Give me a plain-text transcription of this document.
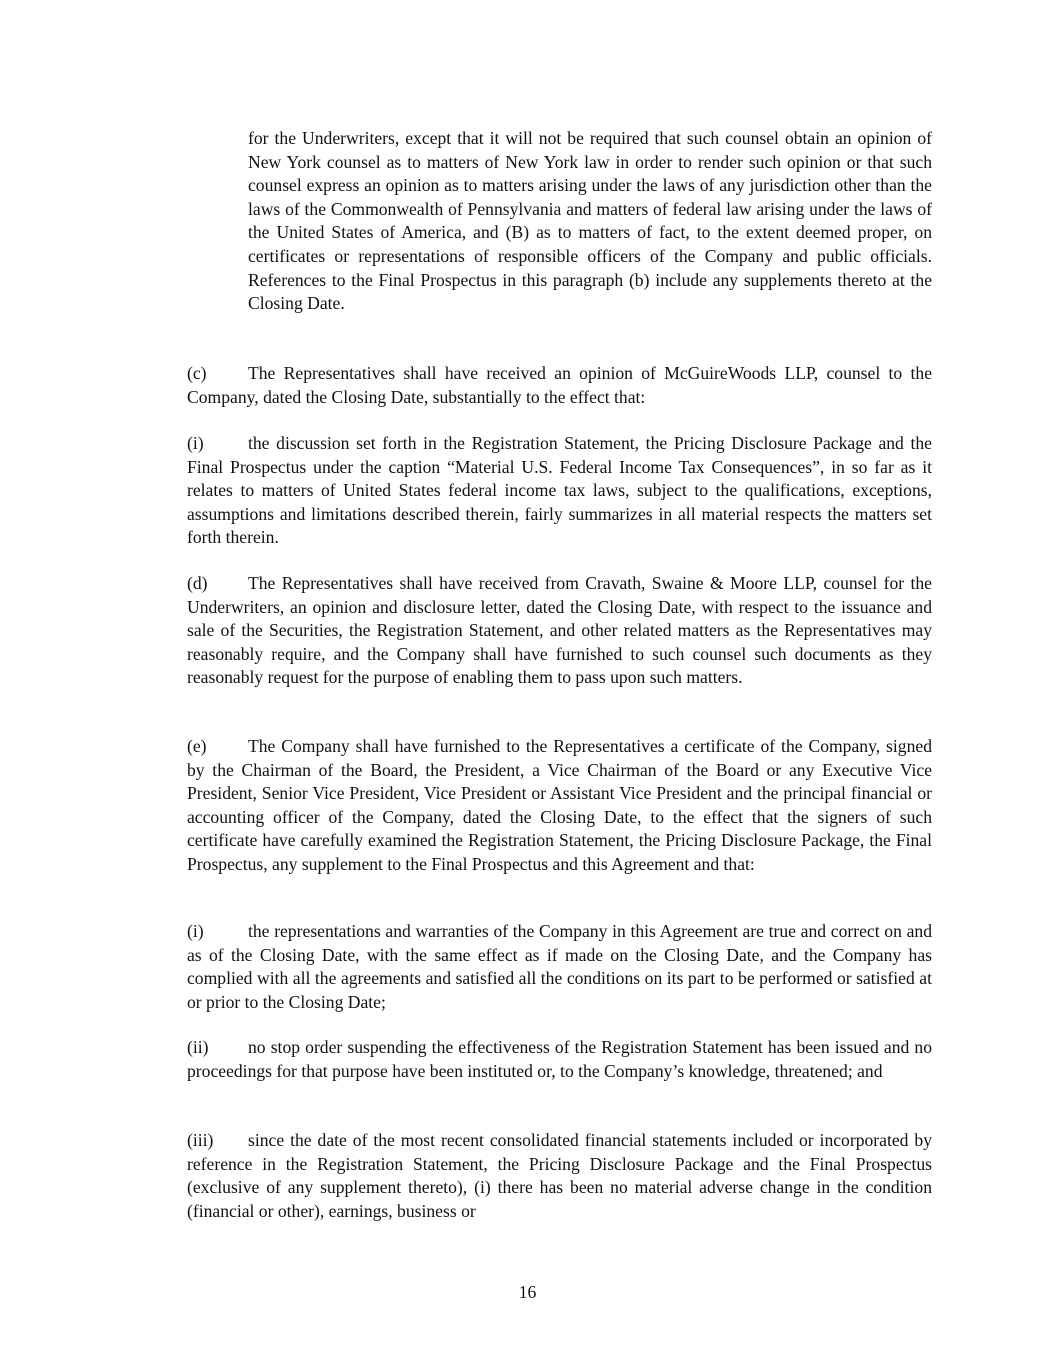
for the Underwriters, except that it will not be required that such counsel obtain an opinion of New York counsel as to matters of New York law in order to render such opinion or that such counsel express an opinion as to matters arising under the laws of any jurisdiction other than the laws of the Commonwealth of Pennsylvania and matters of federal law arising under the laws of the United States of America, and (B) as to matters of fact, to the extent deemed proper, on certificates or representations of responsible officers of the Company and public officials. References to the Final Prospectus in this paragraph (b) include any supplements thereto at the Closing Date.

(c) The Representatives shall have received an opinion of McGuireWoods LLP, counsel to the Company, dated the Closing Date, substantially to the effect that:

(i)	the discussion set forth in the Registration Statement, the Pricing Disclosure Package and the Final Prospectus under the caption “Material U.S. Federal Income Tax Consequences”, in so far as it relates to matters of United States federal income tax laws, subject to the qualifications, exceptions, assumptions and limitations described therein, fairly summarizes in all material respects the matters set forth therein.

(d) The Representatives shall have received from Cravath, Swaine & Moore LLP, counsel for the Underwriters, an opinion and disclosure letter, dated the Closing Date, with respect to the issuance and sale of the Securities, the Registration Statement, and other related matters as the Representatives may reasonably require, and the Company shall have furnished to such counsel such documents as they reasonably request for the purpose of enabling them to pass upon such matters.

(e) The Company shall have furnished to the Representatives a certificate of the Company, signed by the Chairman of the Board, the President, a Vice Chairman of the Board or any Executive Vice President, Senior Vice President, Vice President or Assistant Vice President and the principal financial or accounting officer of the Company, dated the Closing Date, to the effect that the signers of such certificate have carefully examined the Registration Statement, the Pricing Disclosure Package, the Final Prospectus, any supplement to the Final Prospectus and this Agreement and that:

(i)	the representations and warranties of the Company in this Agreement are true and correct on and as of the Closing Date, with the same effect as if made on the Closing Date, and the Company has complied with all the agreements and satisfied all the conditions on its part to be performed or satisfied at or prior to the Closing Date;

(ii) no stop order suspending the effectiveness of the Registration Statement has been issued and no proceedings for that purpose have been instituted or, to the Company’s knowledge, threatened; and

(iii) since the date of the most recent consolidated financial statements included or incorporated by reference in the Registration Statement, the Pricing Disclosure Package and the Final Prospectus (exclusive of any supplement thereto), (i) there has been no material adverse change in the condition (financial or other), earnings, business or

16
